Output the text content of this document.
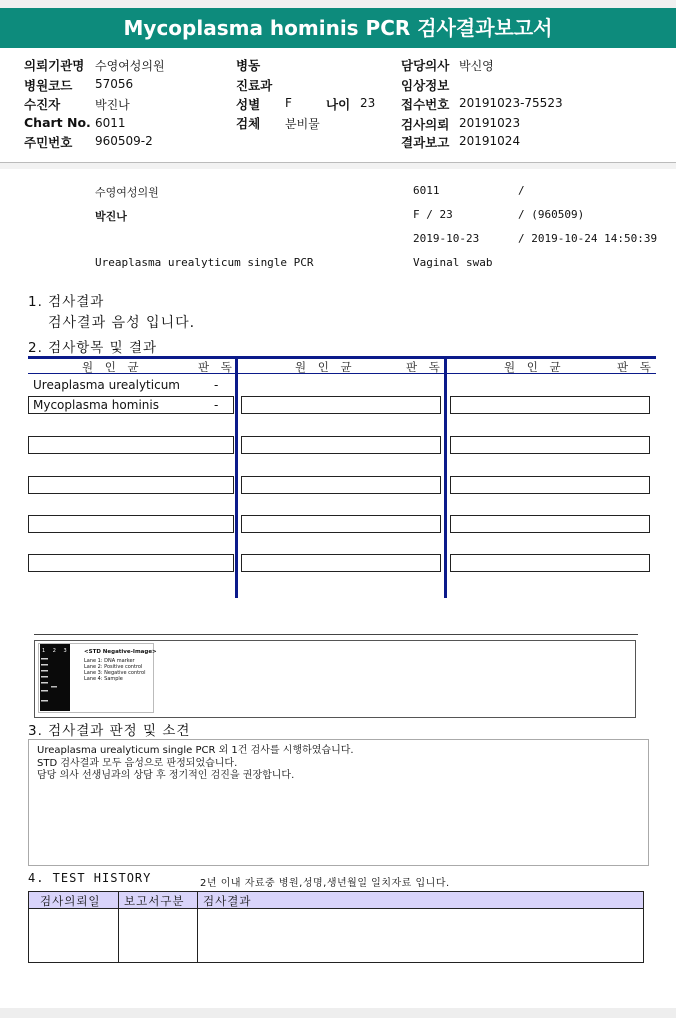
Mycoplasma hominis PCR 검사결과보고서
의뢰기관명 수영여성의원
병원코드 57056
수진자	박진나
Chart No. 6011
주민번호 960509-2
병동
진료과
성별 F	나이 23
검체 분비물
담당의사 박신영
임상정보
접수번호 20191023-75523
검사의뢰 20191023
결과보고 20191024
수영여성의원	6011	/
박진나	F / 23	/ (960509)
2019-10-23	/ 2019-10-24 14:50:39
Ureaplasma urealyticum single PCR	Vaginal swab
1. 검사결과
검사결과 음성 입니다.
2. 검사항목 및 결과
원 인 균	판 독	원 인 균	판 독	원 인 균	판 독
Ureaplasma urealyticum	-
Mycoplasma hominis	-
1 2 3 4 <STD Negative-Image>
Lane 1: DNA marker
Lane 2: Positive control
Lane 3: Negative control
Lane 4: Sample
3. 검사결과 판정 및 소견
Ureaplasma urealyticum single PCR 외 1건 검사를 시행하였습니다.
STD 검사결과 모두 음성으로 판정되었습니다.
담당 의사 선생님과의 상담 후 정기적인 검진을 권장합니다.
4. TEST HISTORY	2년 이내 자료중 병원,성명,생년월일 일치자료 입니다.
검사의뢰일 보고서구분 검사결과
